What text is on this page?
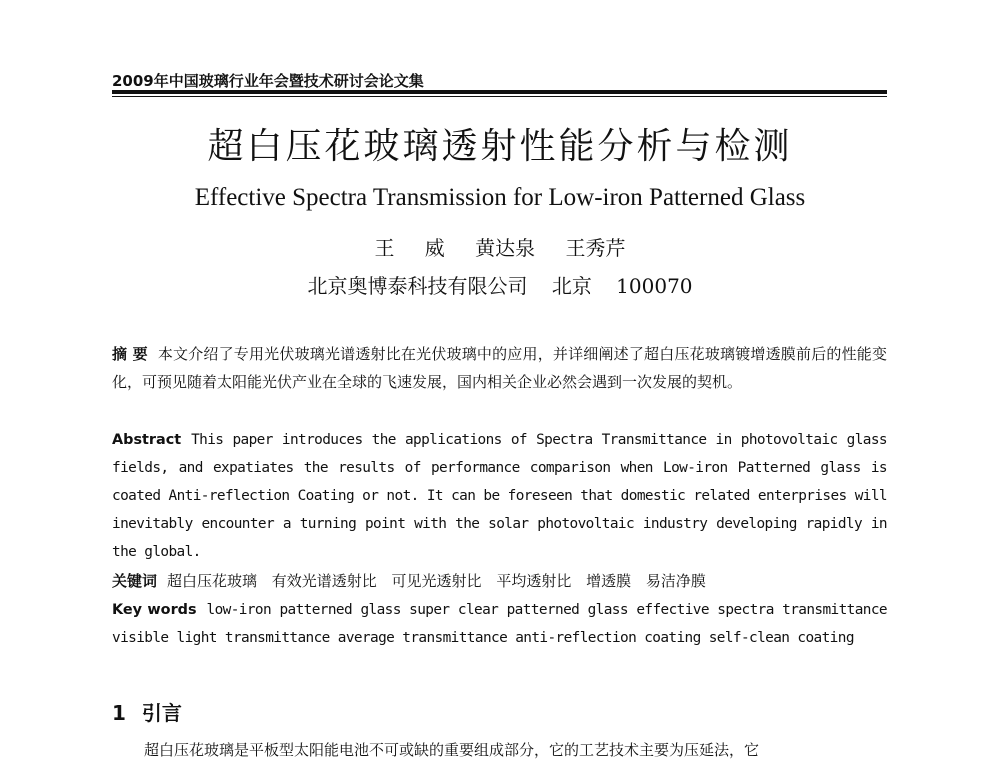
2009年中国玻璃行业年会暨技术研讨会论文集
超白压花玻璃透射性能分析与检测
Effective Spectra Transmission for Low-iron Patterned Glass
王 威 黄达泉 王秀芹
北京奥博泰科技有限公司 北京 100070
摘 要 本文介绍了专用光伏玻璃光谱透射比在光伏玻璃中的应用，并详细阐述了超白压花玻璃镀增透膜前后的性能变化，可预见随着太阳能光伏产业在全球的飞速发展，国内相关企业必然会遇到一次发展的契机。
Abstract This paper introduces the applications of Spectra Transmittance in photovoltaic glass fields, and expatiates the results of performance comparison when Low-iron Patterned glass is coated Anti-reflection Coating or not. It can be foreseen that domestic related enterprises will inevitably encounter a turning point with the solar photovoltaic industry developing rapidly in the global.
关键词 超白压花玻璃 有效光谱透射比 可见光透射比 平均透射比 增透膜 易洁净膜
Key words low-iron patterned glass super clear patterned glass effective spectra transmittance visible light transmittance average transmittance anti-reflection coating self-clean coating
1 引言
超白压花玻璃是平板型太阳能电池不可或缺的重要组成部分，它的工艺技术主要为压延法，它
